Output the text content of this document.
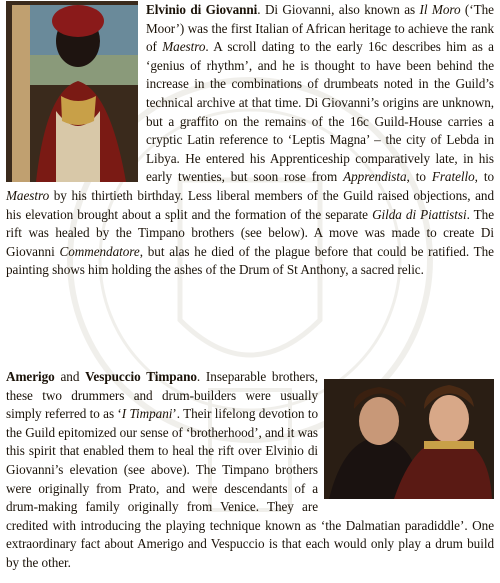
Elvinio di Giovanni. Di Giovanni, also known as Il Moro (‘The Moor’) was the first Italian of African heritage to achieve the rank of Maestro. A scroll dating to the early 16c describes him as a ‘genius of rhythm’, and he is thought to have been behind the increase in the combinations of drumbeats noted in the Guild’s technical archive at that time. Di Giovanni’s origins are unknown, but a graffito on the remains of the 16c Guild-House carries a cryptic Latin reference to ‘Leptis Magna’ – the city of Lebda in Libya. He entered his Apprenticeship comparatively late, in his early twenties, but soon rose from Apprendista, to Fratello, to Maestro by his thirtieth birthday. Less liberal members of the Guild raised objections, and his elevation brought about a split and the formation of the separate Gilda di Piattistsi. The rift was healed by the Timpano brothers (see below). A move was made to create Di Giovanni Commendatore, but alas he died of the plague before that could be ratified. The painting shows him holding the ashes of the Drum of St Anthony, a sacred relic.
Amerigo and Vespuccio Timpano. Inseparable brothers, these two drummers and drum-builders were usually simply referred to as ‘I Timpani’. Their lifelong devotion to the Guild epitomized our sense of ‘brotherhood’, and it was this spirit that enabled them to heal the rift over Elvinio di Giovanni’s elevation (see above). The Timpano brothers were originally from Prato, and were descendants of a drum-making family originally from Venice. They are credited with introducing the playing technique known as ‘the Dalmatian paradiddle’. One extraordinary fact about Amerigo and Vespuccio is that each would only play a drum build by the other.
